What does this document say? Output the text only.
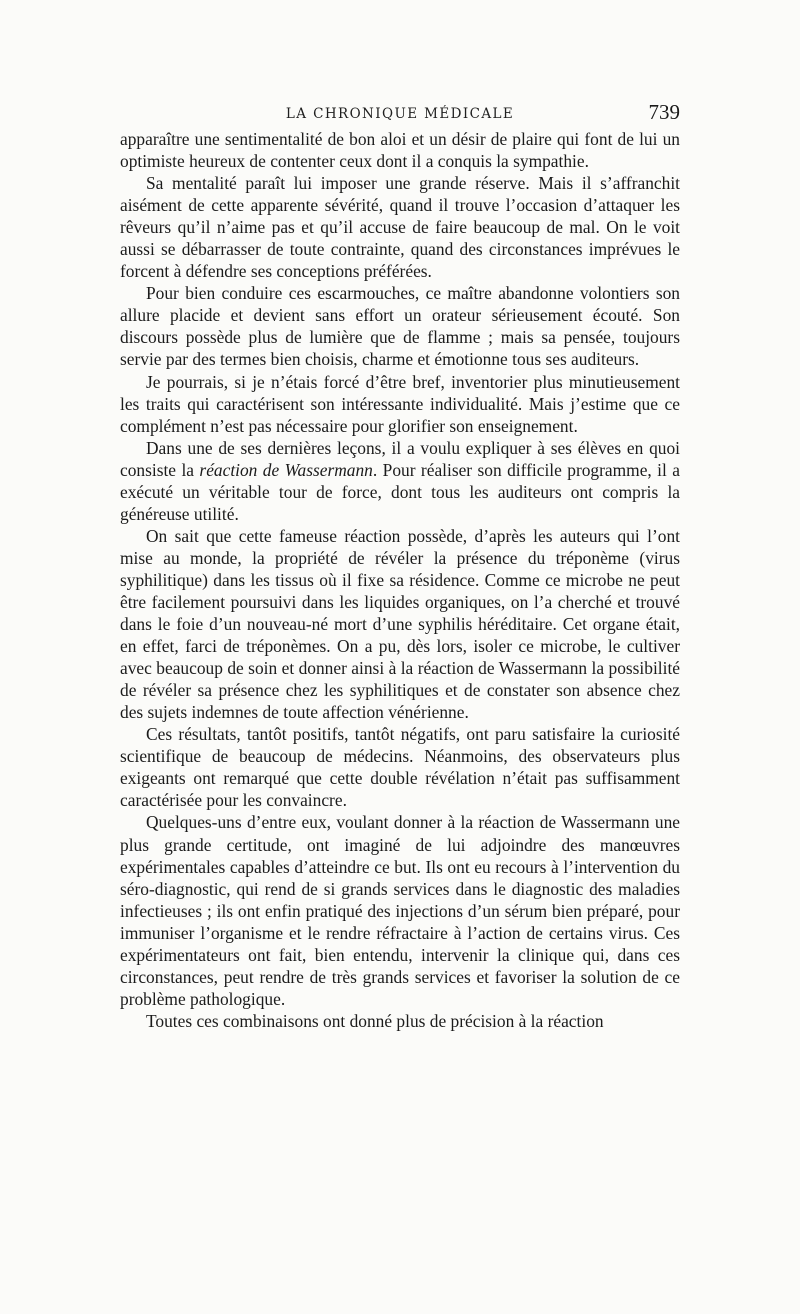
LA CHRONIQUE MÉDICALE	739

apparaître une sentimentalité de bon aloi et un désir de plaire qui font de lui un optimiste heureux de contenter ceux dont il a conquis la sympathie.

Sa mentalité paraît lui imposer une grande réserve. Mais il s’affranchit aisément de cette apparente sévérité, quand il trouve l’occasion d’attaquer les rêveurs qu’il n’aime pas et qu’il accuse de faire beaucoup de mal. On le voit aussi se débarrasser de toute contrainte, quand des circonstances imprévues le forcent à défendre ses conceptions préférées.

Pour bien conduire ces escarmouches, ce maître abandonne volontiers son allure placide et devient sans effort un orateur sérieusement écouté. Son discours possède plus de lumière que de flamme ; mais sa pensée, toujours servie par des termes bien choisis, charme et émotionne tous ses auditeurs.

Je pourrais, si je n’étais forcé d’être bref, inventorier plus minutieusement les traits qui caractérisent son intéressante individualité. Mais j’estime que ce complément n’est pas nécessaire pour glorifier son enseignement.

Dans une de ses dernières leçons, il a voulu expliquer à ses élèves en quoi consiste la réaction de Wassermann. Pour réaliser son difficile programme, il a exécuté un véritable tour de force, dont tous les auditeurs ont compris la généreuse utilité.

On sait que cette fameuse réaction possède, d’après les auteurs qui l’ont mise au monde, la propriété de révéler la présence du tréponème (virus syphilitique) dans les tissus où il fixe sa résidence. Comme ce microbe ne peut être facilement poursuivi dans les liquides organiques, on l’a cherché et trouvé dans le foie d’un nouveau-né mort d’une syphilis héréditaire. Cet organe était, en effet, farci de tréponèmes. On a pu, dès lors, isoler ce microbe, le cultiver avec beaucoup de soin et donner ainsi à la réaction de Wassermann la possibilité de révéler sa présence chez les syphilitiques et de constater son absence chez des sujets indemnes de toute affection vénérienne.

Ces résultats, tantôt positifs, tantôt négatifs, ont paru satisfaire la curiosité scientifique de beaucoup de médecins. Néanmoins, des observateurs plus exigeants ont remarqué que cette double révélation n’était pas suffisamment caractérisée pour les convaincre.

Quelques-uns d’entre eux, voulant donner à la réaction de Wassermann une plus grande certitude, ont imaginé de lui adjoindre des manœuvres expérimentales capables d’atteindre ce but. Ils ont eu recours à l’intervention du séro-diagnostic, qui rend de si grands services dans le diagnostic des maladies infectieuses ; ils ont enfin pratiqué des injections d’un sérum bien préparé, pour immuniser l’organisme et le rendre réfractaire à l’action de certains virus. Ces expérimentateurs ont fait, bien entendu, intervenir la clinique qui, dans ces circonstances, peut rendre de très grands services et favoriser la solution de ce problème pathologique.

Toutes ces combinaisons ont donné plus de précision à la réaction
